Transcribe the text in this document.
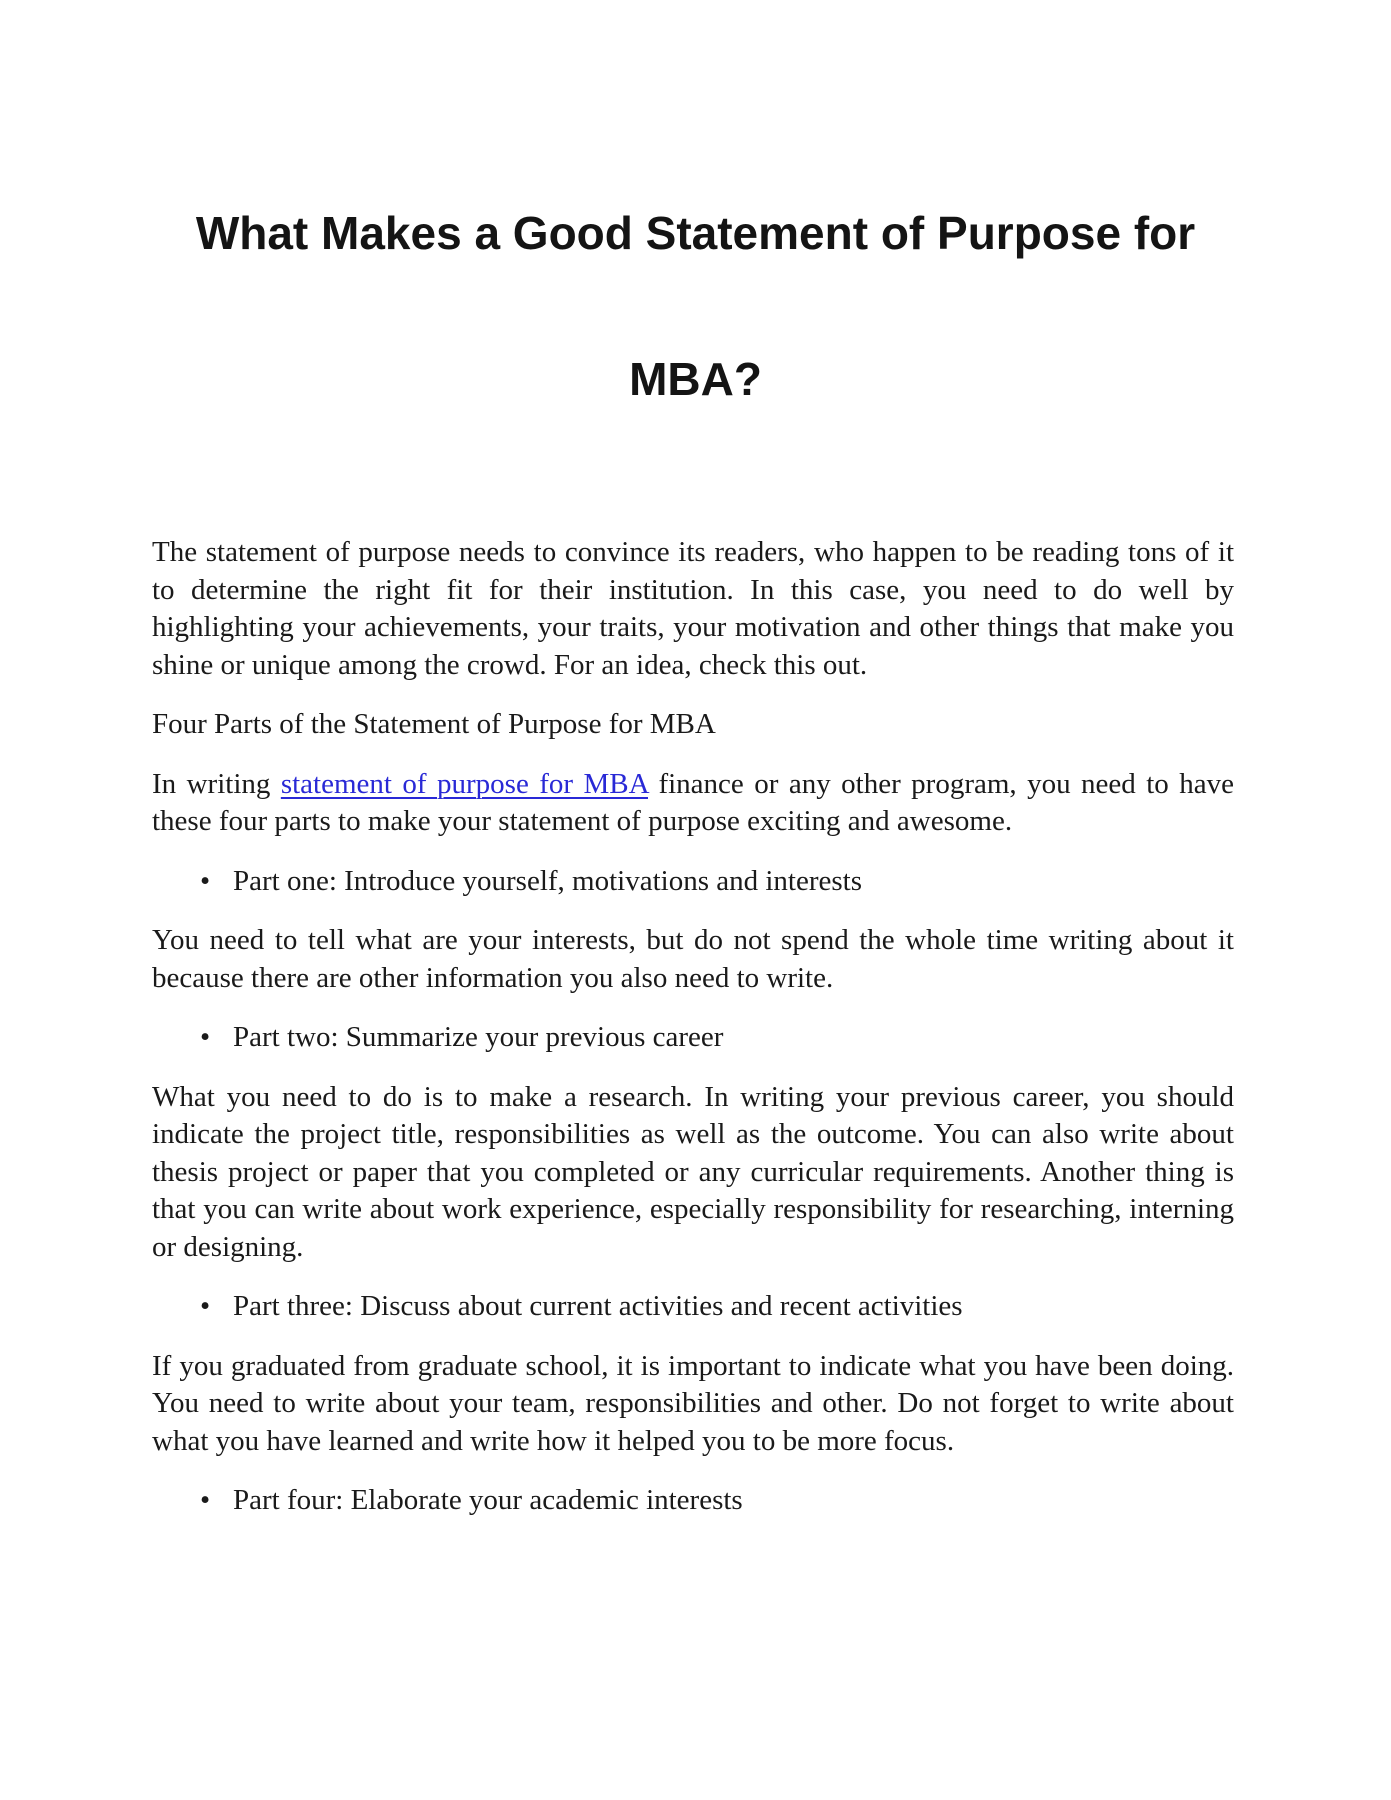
What Makes a Good Statement of Purpose for
MBA?

The statement of purpose needs to convince its readers, who happen to be reading tons of it to determine the right fit for their institution. In this case, you need to do well by highlighting your achievements, your traits, your motivation and other things that make you shine or unique among the crowd. For an idea, check this out.

Four Parts of the Statement of Purpose for MBA

In writing statement of purpose for MBA finance or any other program, you need to have these four parts to make your statement of purpose exciting and awesome.

• Part one: Introduce yourself, motivations and interests

You need to tell what are your interests, but do not spend the whole time writing about it because there are other information you also need to write.

• Part two: Summarize your previous career

What you need to do is to make a research. In writing your previous career, you should indicate the project title, responsibilities as well as the outcome. You can also write about thesis project or paper that you completed or any curricular requirements. Another thing is that you can write about work experience, especially responsibility for researching, interning or designing.

• Part three: Discuss about current activities and recent activities

If you graduated from graduate school, it is important to indicate what you have been doing. You need to write about your team, responsibilities and other. Do not forget to write about what you have learned and write how it helped you to be more focus.

• Part four: Elaborate your academic interests
